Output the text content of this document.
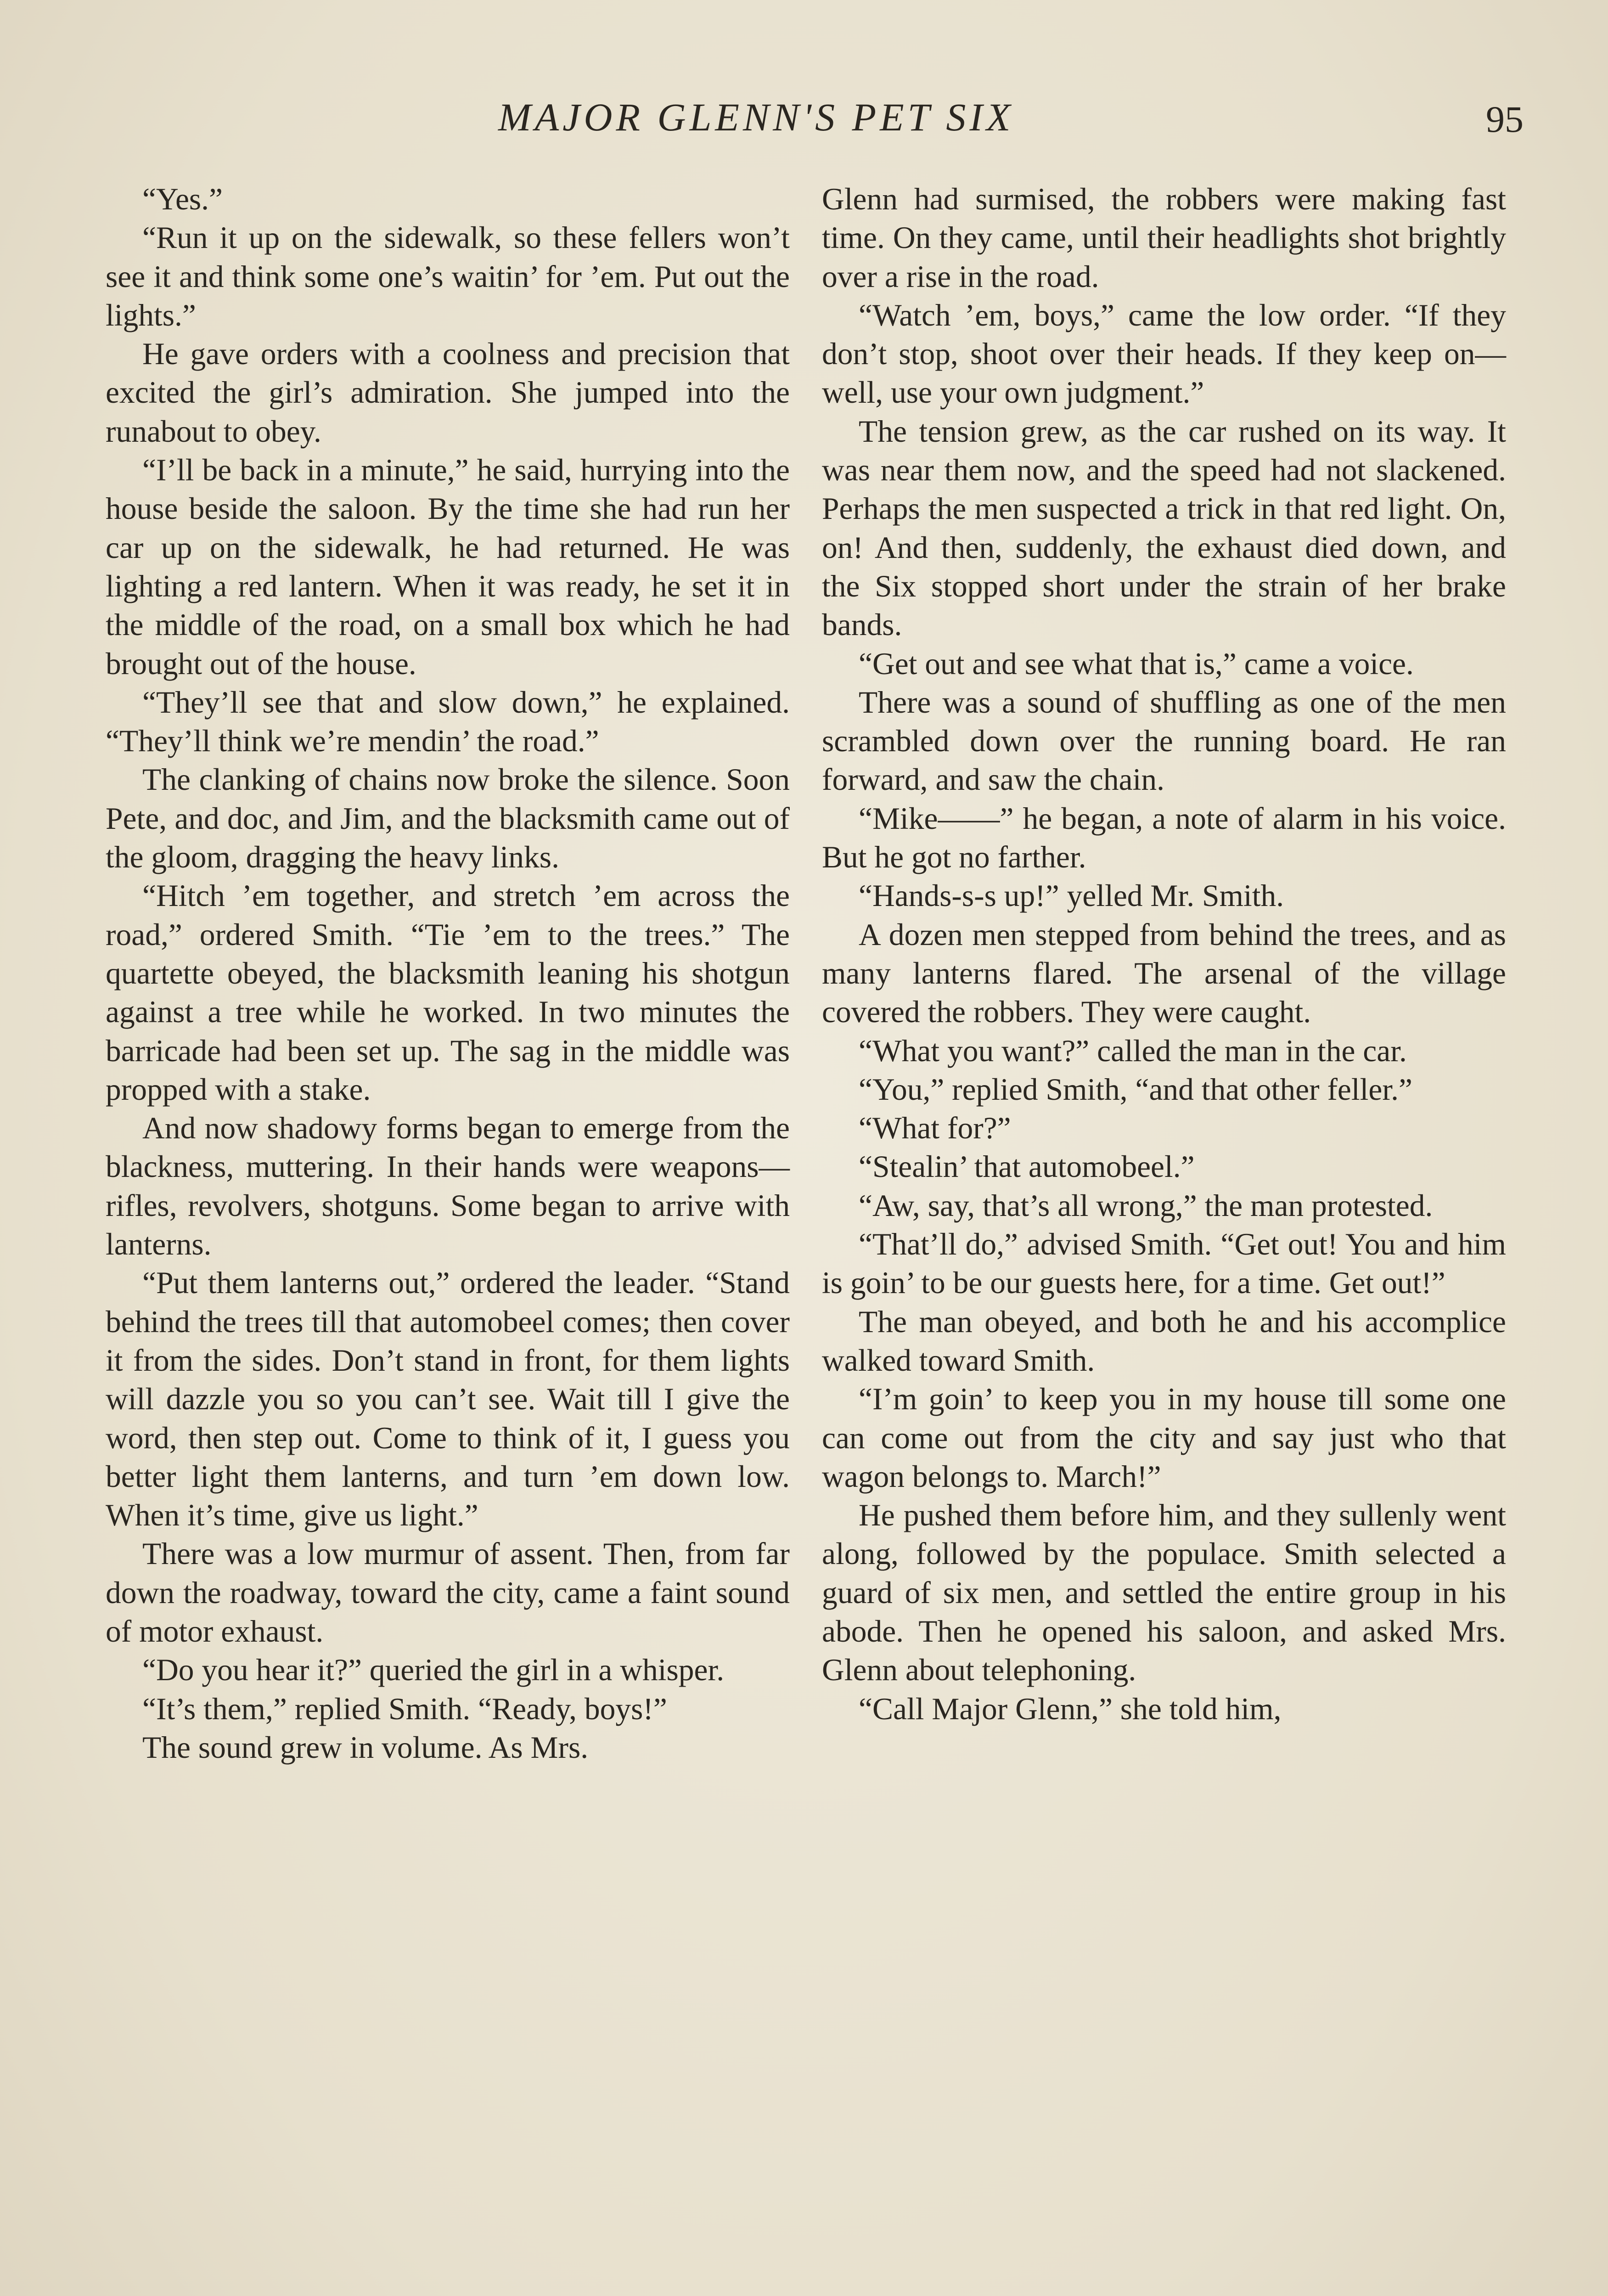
MAJOR GLENN'S PET SIX	95

“Yes.”

“Run it up on the sidewalk, so these fellers won’t see it and think some one’s waitin’ for ’em. Put out the lights.”

He gave orders with a coolness and precision that excited the girl’s admiration. She jumped into the runabout to obey.

“I’ll be back in a minute,” he said, hurrying into the house beside the saloon. By the time she had run her car up on the sidewalk, he had returned. He was lighting a red lantern. When it was ready, he set it in the middle of the road, on a small box which he had brought out of the house.

“They’ll see that and slow down,” he explained. “They’ll think we’re mendin’ the road.”

The clanking of chains now broke the silence. Soon Pete, and doc, and Jim, and the blacksmith came out of the gloom, dragging the heavy links.

“Hitch ’em together, and stretch ’em across the road,” ordered Smith. “Tie ’em to the trees.” The quartette obeyed, the blacksmith leaning his shotgun against a tree while he worked. In two minutes the barricade had been set up. The sag in the middle was propped with a stake.

And now shadowy forms began to emerge from the blackness, muttering. In their hands were weapons—rifles, revolvers, shotguns. Some began to arrive with lanterns.

“Put them lanterns out,” ordered the leader. “Stand behind the trees till that automobeel comes; then cover it from the sides. Don’t stand in front, for them lights will dazzle you so you can’t see. Wait till I give the word, then step out. Come to think of it, I guess you better light them lanterns, and turn ’em down low. When it’s time, give us light.”

There was a low murmur of assent. Then, from far down the roadway, toward the city, came a faint sound of motor exhaust.

“Do you hear it?” queried the girl in a whisper.

“It’s them,” replied Smith. “Ready, boys!”

The sound grew in volume. As Mrs.

Glenn had surmised, the robbers were making fast time. On they came, until their headlights shot brightly over a rise in the road.

“Watch ’em, boys,” came the low order. “If they don’t stop, shoot over their heads. If they keep on—well, use your own judgment.”

The tension grew, as the car rushed on its way. It was near them now, and the speed had not slackened. Perhaps the men suspected a trick in that red light. On, on! And then, suddenly, the exhaust died down, and the Six stopped short under the strain of her brake bands.

“Get out and see what that is,” came a voice.

There was a sound of shuffling as one of the men scrambled down over the running board. He ran forward, and saw the chain.

“Mike——” he began, a note of alarm in his voice. But he got no farther.

“Hands-s-s up!” yelled Mr. Smith.

A dozen men stepped from behind the trees, and as many lanterns flared. The arsenal of the village covered the robbers. They were caught.

“What you want?” called the man in the car.

“You,” replied Smith, “and that other feller.”

“What for?”

“Stealin’ that automobeel.”

“Aw, say, that’s all wrong,” the man protested.

“That’ll do,” advised Smith. “Get out! You and him is goin’ to be our guests here, for a time. Get out!”

The man obeyed, and both he and his accomplice walked toward Smith.

“I’m goin’ to keep you in my house till some one can come out from the city and say just who that wagon belongs to. March!”

He pushed them before him, and they sullenly went along, followed by the populace. Smith selected a guard of six men, and settled the entire group in his abode. Then he opened his saloon, and asked Mrs. Glenn about telephoning.

“Call Major Glenn,” she told him,
